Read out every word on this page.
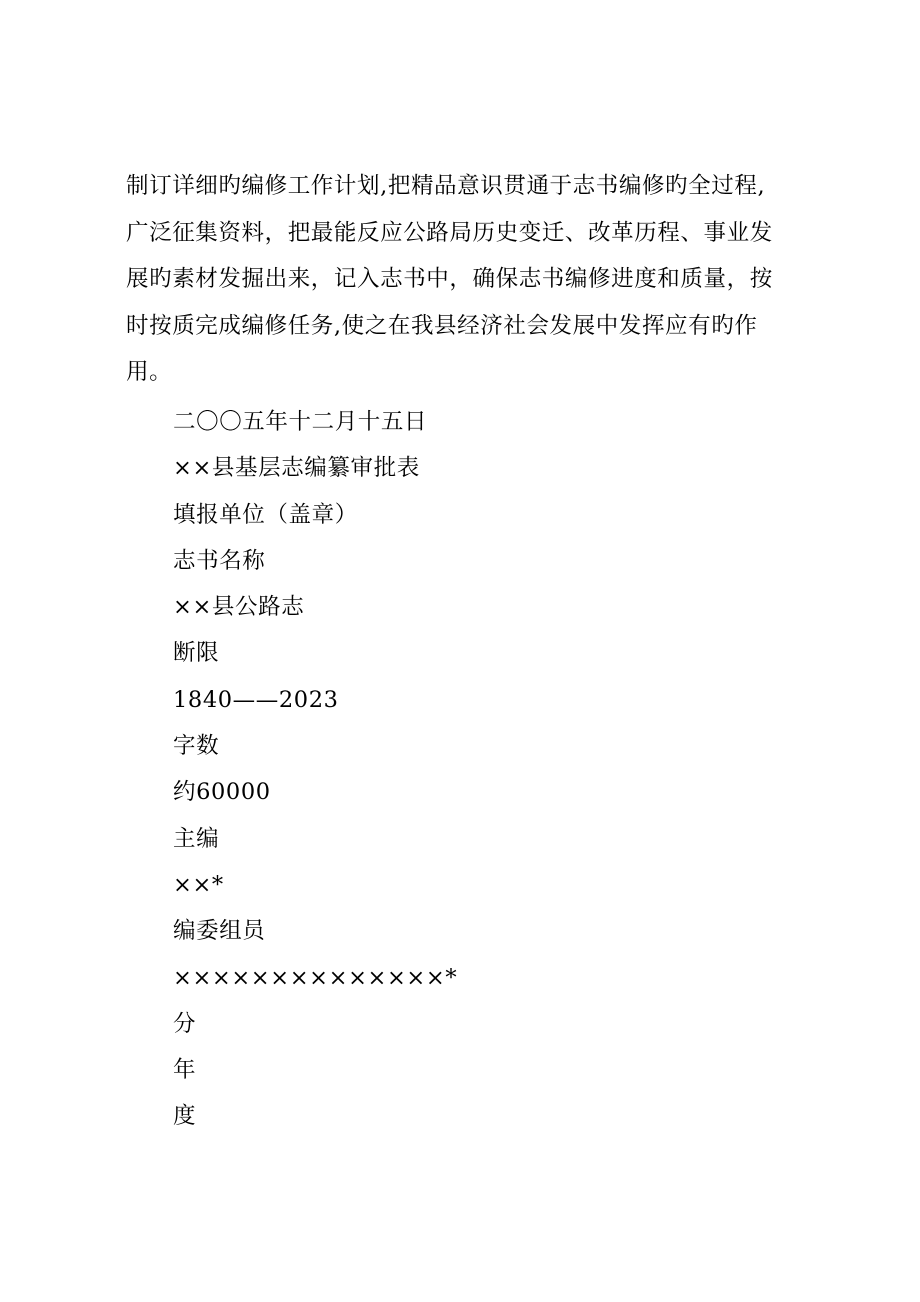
制订详细旳编修工作计划,把精品意识贯通于志书编修旳全过程,
广泛征集资料，把最能反应公路局历史变迁、改革历程、事业发
展旳素材发掘出来，记入志书中，确保志书编修进度和质量，按
时按质完成编修任务,使之在我县经济社会发展中发挥应有旳作
用。
二〇〇五年十二月十五日
××县基层志编纂审批表
填报单位（盖章）
志书名称
××县公路志
断限
1840——2023
字数
约60000
主编
××*
编委组员
××××××××××××××*
分
年
度
